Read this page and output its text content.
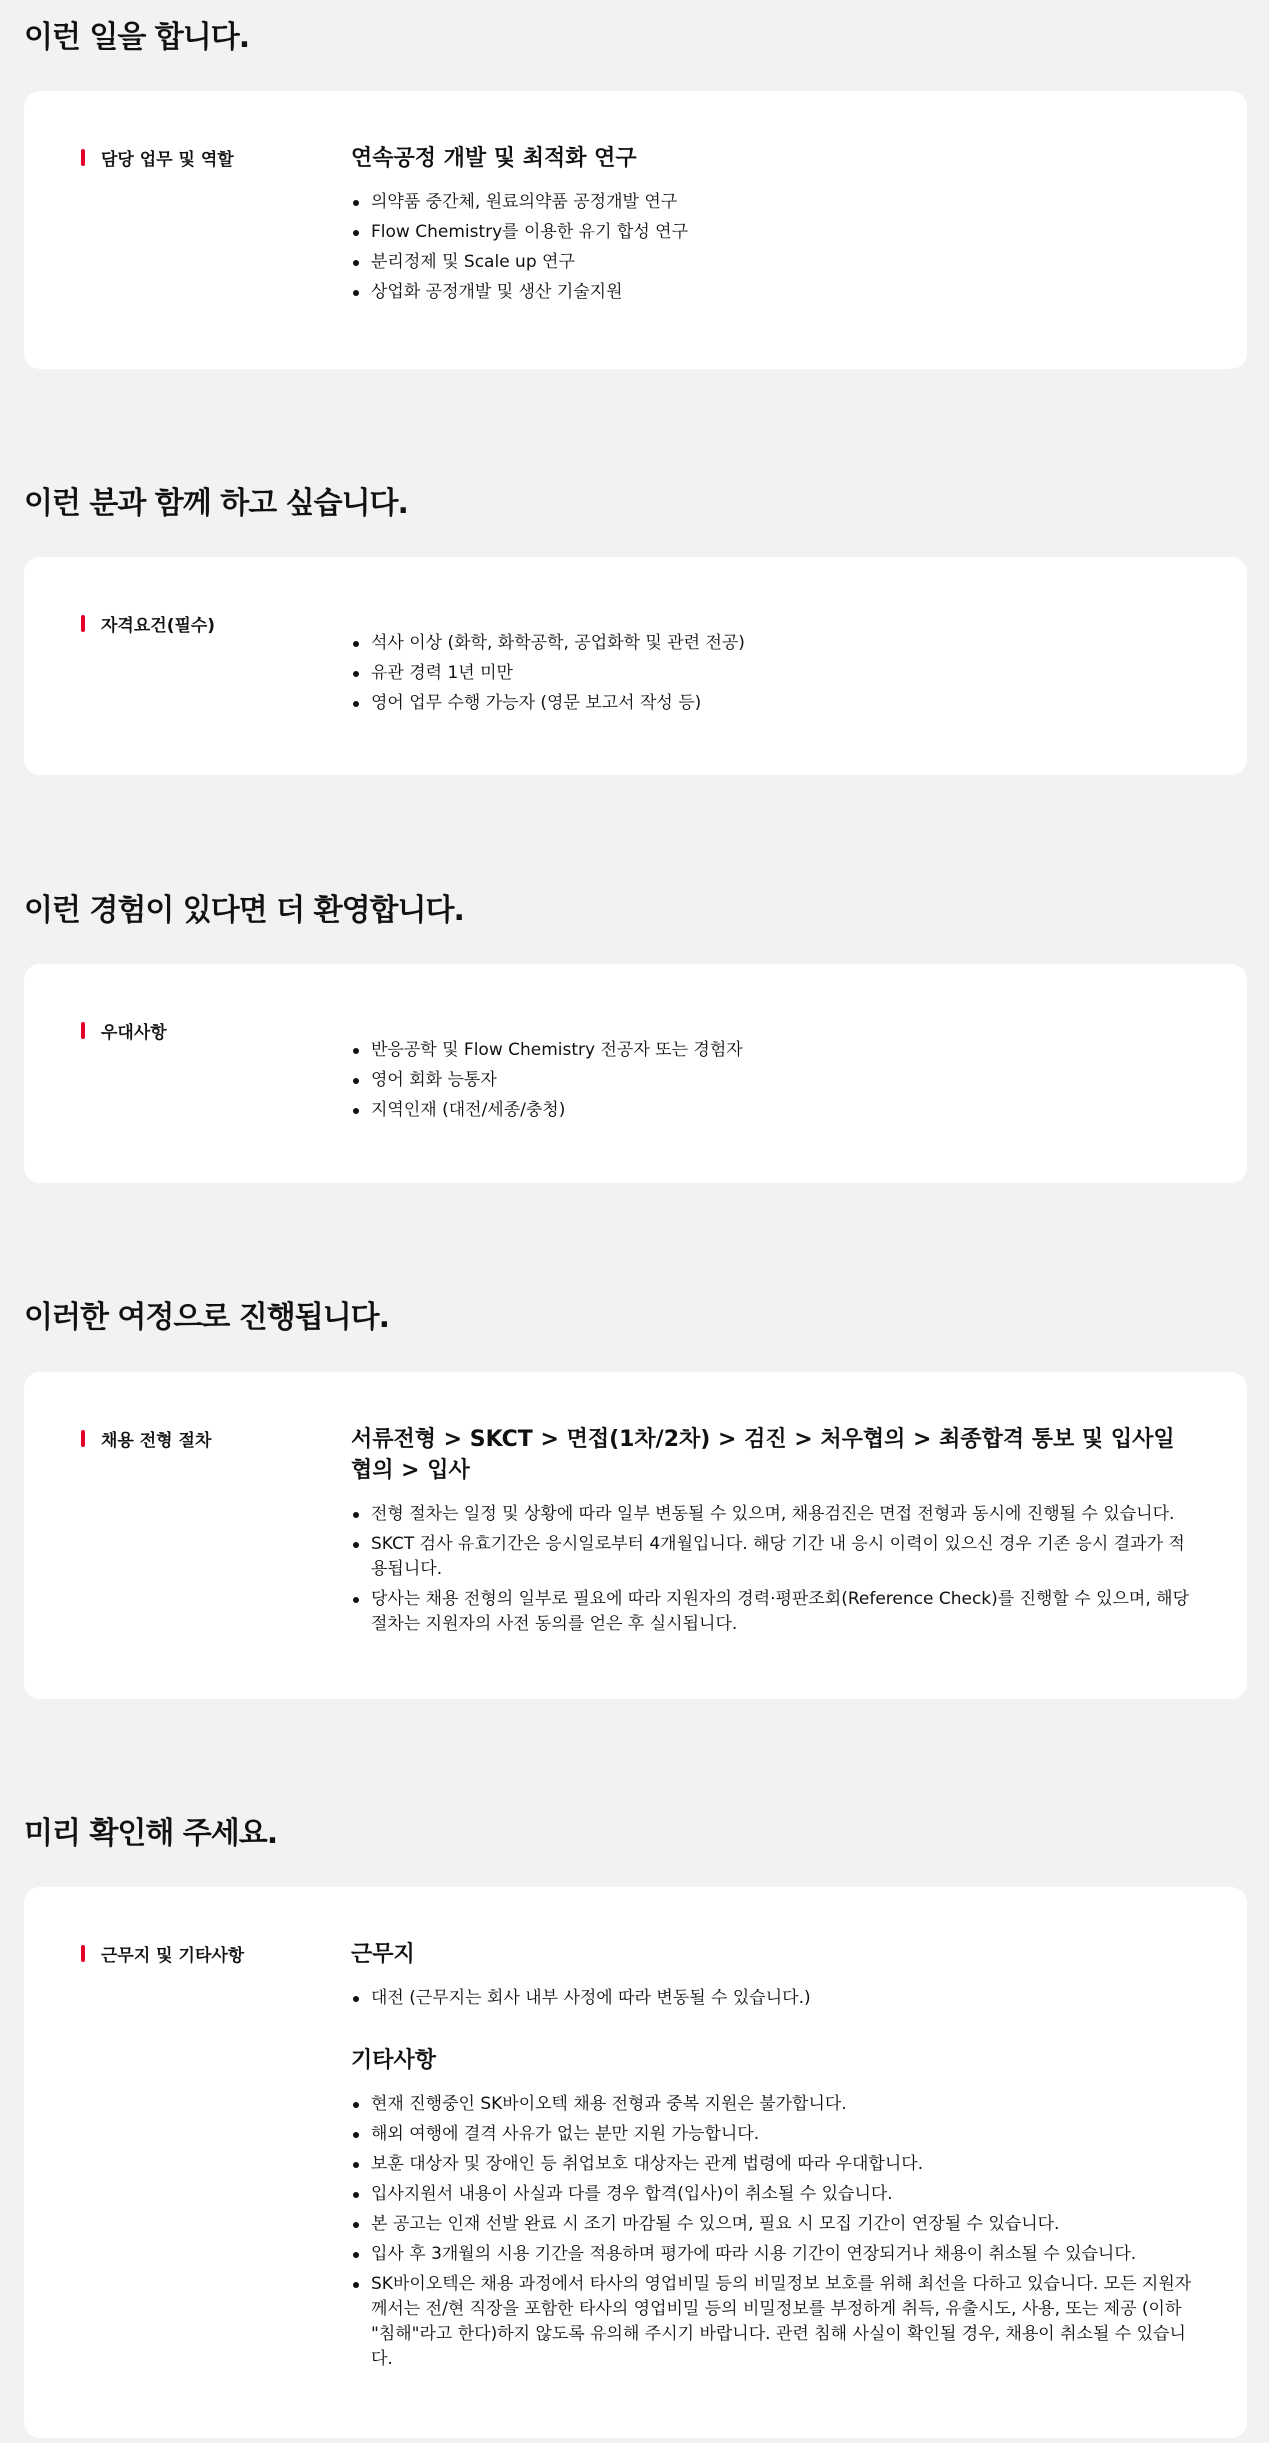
이런 일을 합니다.
담당 업무 및 역할	연속공정 개발 및 최적화 연구
의약품 중간체, 원료의약품 공정개발 연구
Flow Chemistry를 이용한 유기 합성 연구
분리정제 및 Scale up 연구
상업화 공정개발 및 생산 기술지원
이런 분과 함께 하고 싶습니다.
자격요건(필수)
석사 이상 (화학, 화학공학, 공업화학 및 관련 전공)
유관 경력 1년 미만
영어 업무 수행 가능자 (영문 보고서 작성 등)
이런 경험이 있다면 더 환영합니다.
우대사항
반응공학 및 Flow Chemistry 전공자 또는 경험자
영어 회화 능통자
지역인재 (대전/세종/충청)
이러한 여정으로 진행됩니다.
채용 전형 절차	서류전형 > SKCT > 면접(1차/2차) > 검진 > 처우협의 > 최종합격 통보 및 입사일 협의 > 입사
전형 절차는 일정 및 상황에 따라 일부 변동될 수 있으며, 채용검진은 면접 전형과 동시에 진행될 수 있습니다.
SKCT 검사 유효기간은 응시일로부터 4개월입니다. 해당 기간 내 응시 이력이 있으신 경우 기존 응시 결과가 적용됩니다.
당사는 채용 전형의 일부로 필요에 따라 지원자의 경력·평판조회(Reference Check)를 진행할 수 있으며, 해당 절차는 지원자의 사전 동의를 얻은 후 실시됩니다.
미리 확인해 주세요.
근무지 및 기타사항	근무지
대전 (근무지는 회사 내부 사정에 따라 변동될 수 있습니다.)
기타사항
현재 진행중인 SK바이오텍 채용 전형과 중복 지원은 불가합니다.
해외 여행에 결격 사유가 없는 분만 지원 가능합니다.
보훈 대상자 및 장애인 등 취업보호 대상자는 관계 법령에 따라 우대합니다.
입사지원서 내용이 사실과 다를 경우 합격(입사)이 취소될 수 있습니다.
본 공고는 인재 선발 완료 시 조기 마감될 수 있으며, 필요 시 모집 기간이 연장될 수 있습니다.
입사 후 3개월의 시용 기간을 적용하며 평가에 따라 시용 기간이 연장되거나 채용이 취소될 수 있습니다.
SK바이오텍은 채용 과정에서 타사의 영업비밀 등의 비밀정보 보호를 위해 최선을 다하고 있습니다. 모든 지원자께서는 전/현 직장을 포함한 타사의 영업비밀 등의 비밀정보를 부정하게 취득, 유출시도, 사용, 또는 제공 (이하 "침해"라고 한다)하지 않도록 유의해 주시기 바랍니다. 관련 침해 사실이 확인될 경우, 채용이 취소될 수 있습니다.
